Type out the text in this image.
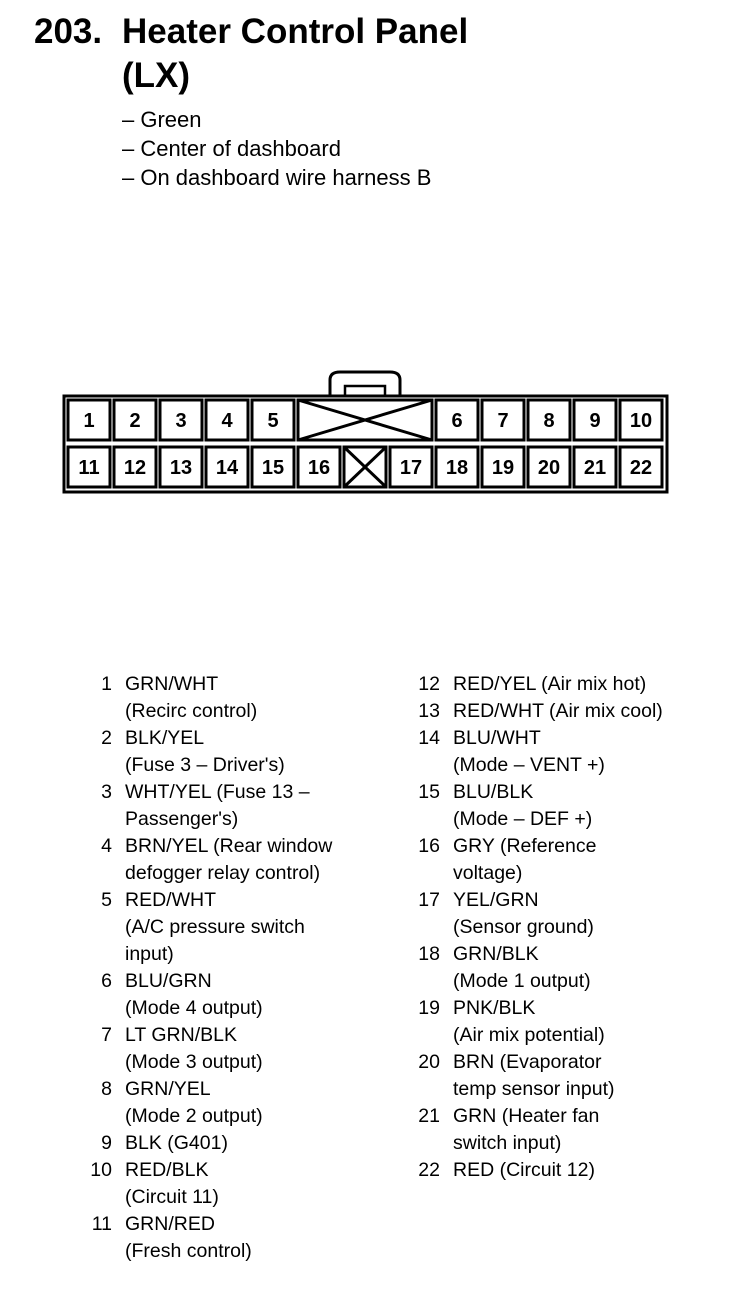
203. Heater Control Panel
(LX)
– Green
– Center of dashboard
– On dashboard wire harness B
1 2 3 4 5	6 7 8 9 10
11 12 13 14 15 16	17 18 19 20 21 22
1 GRN/WHT
(Recirc control)
2 BLK/YEL
(Fuse 3 – Driver's)
3 WHT/YEL (Fuse 13 –
Passenger's)
4 BRN/YEL (Rear window
defogger relay control)
5 RED/WHT
(A/C pressure switch
input)
6 BLU/GRN
(Mode 4 output)
7 LT GRN/BLK
(Mode 3 output)
8 GRN/YEL
(Mode 2 output)
9 BLK (G401)
10 RED/BLK
(Circuit 11)
11 GRN/RED
(Fresh control)
12 RED/YEL (Air mix hot)
13 RED/WHT (Air mix cool)
14 BLU/WHT
(Mode – VENT +)
15 BLU/BLK
(Mode – DEF +)
16 GRY (Reference
voltage)
17 YEL/GRN
(Sensor ground)
18 GRN/BLK
(Mode 1 output)
19 PNK/BLK
(Air mix potential)
20 BRN (Evaporator
temp sensor input)
21 GRN (Heater fan
switch input)
22 RED (Circuit 12)
